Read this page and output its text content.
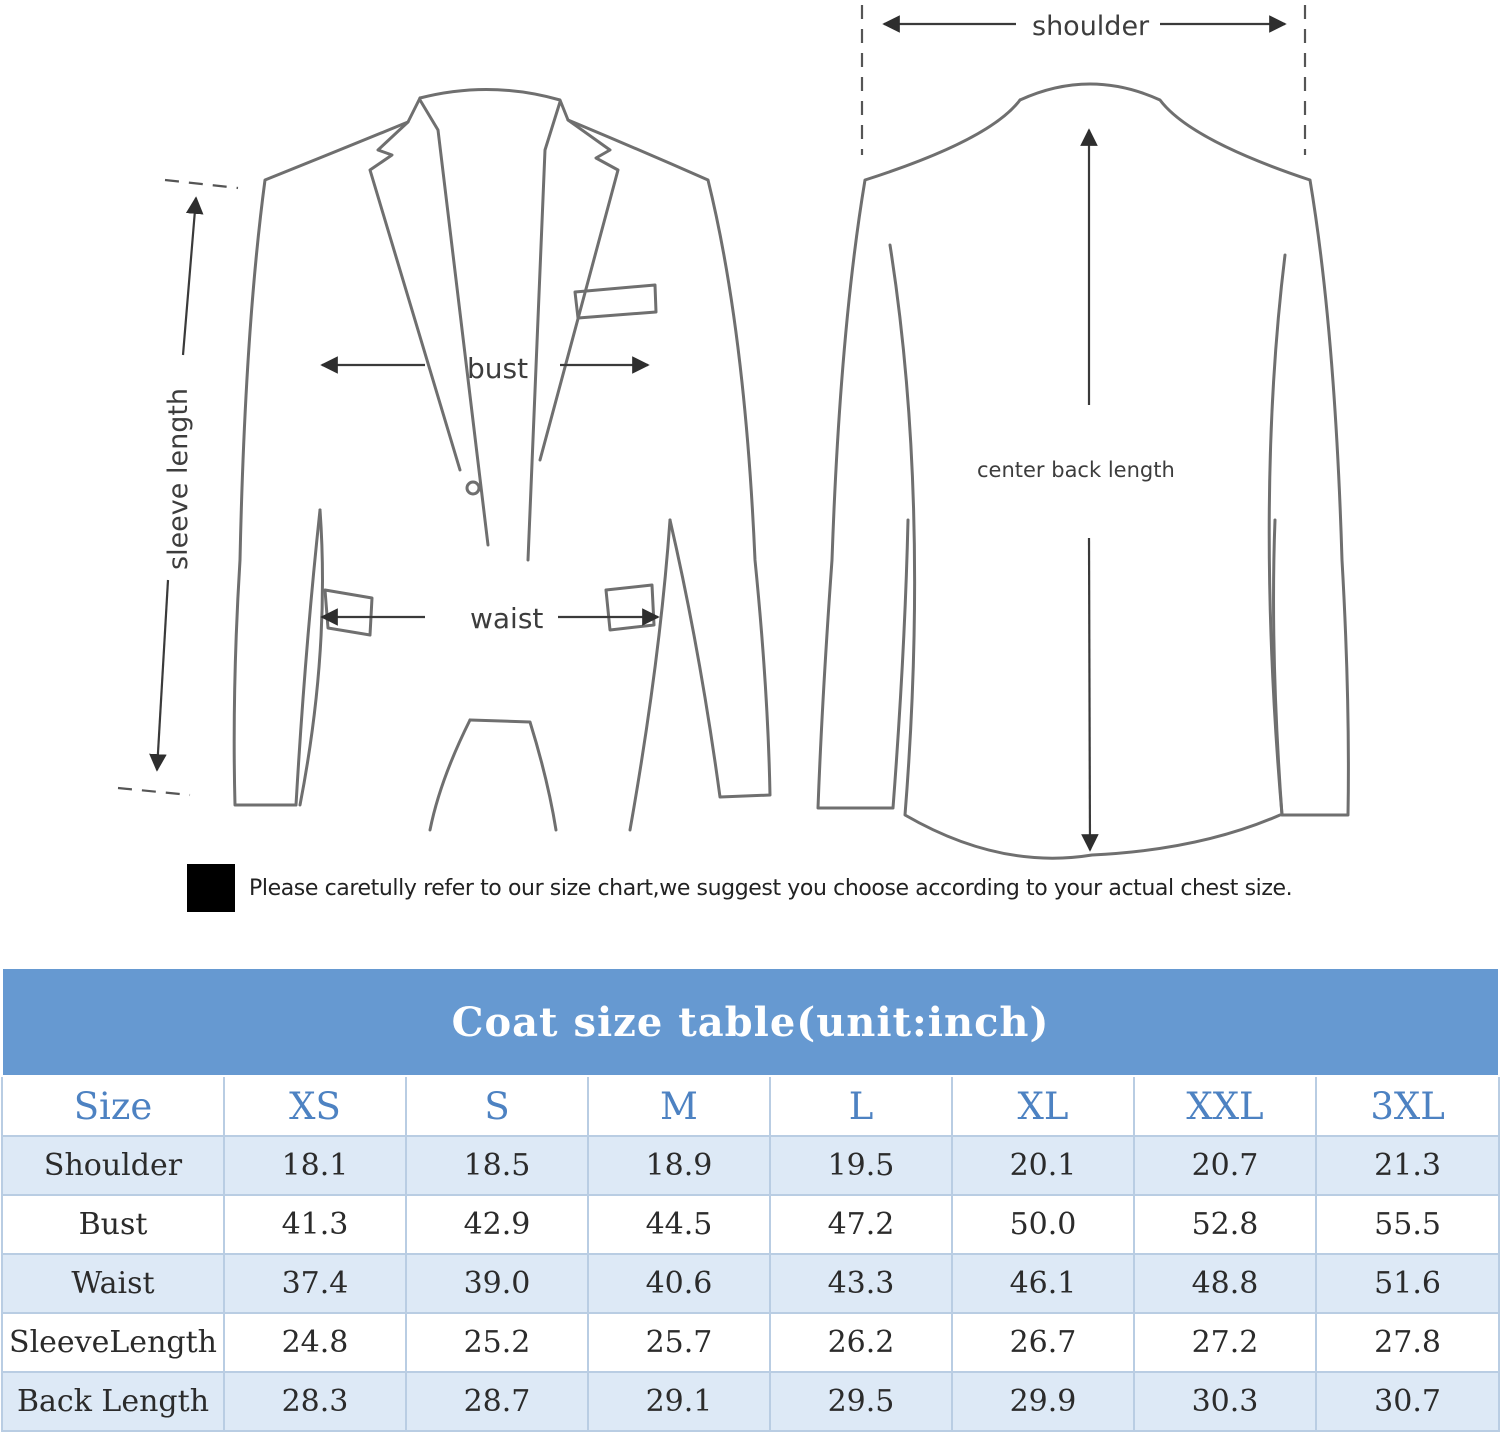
shoulder
bust
waist
center back length
sleeve length
Please caretully refer to our size chart,we suggest you choose according to your actual chest size.
Coat size table(unit:inch)							
Size	XS	S	M	L	XL	XXL	3XL
Shoulder	18.1	18.5	18.9	19.5	20.1	20.7	21.3
Bust	41.3	42.9	44.5	47.2	50.0	52.8	55.5
Waist	37.4	39.0	40.6	43.3	46.1	48.8	51.6
SleeveLength	24.8	25.2	25.7	26.2	26.7	27.2	27.8
Back Length	28.3	28.7	29.1	29.5	29.9	30.3	30.7
